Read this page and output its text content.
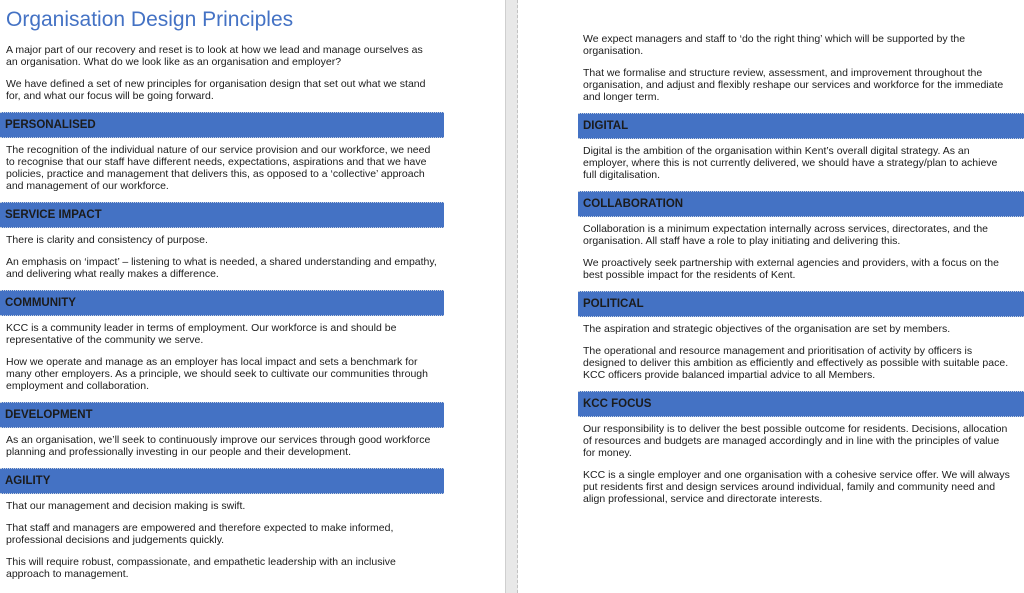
Organisation Design Principles

A major part of our recovery and reset is to look at how we lead and manage ourselves as an organisation. What do we look like as an organisation and employer?

We have defined a set of new principles for organisation design that set out what we stand for, and what our focus will be going forward.

PERSONALISED

The recognition of the individual nature of our service provision and our workforce, we need to recognise that our staff have different needs, expectations, aspirations and that we have policies, practice and management that delivers this, as opposed to a ‘collective’ approach and management of our workforce.

SERVICE IMPACT

There is clarity and consistency of purpose.

An emphasis on ‘impact’ – listening to what is needed, a shared understanding and empathy, and delivering what really makes a difference.

COMMUNITY

KCC is a community leader in terms of employment. Our workforce is and should be representative of the community we serve.

How we operate and manage as an employer has local impact and sets a benchmark for many other employers. As a principle, we should seek to cultivate our communities through employment and collaboration.

DEVELOPMENT

As an organisation, we’ll seek to continuously improve our services through good workforce planning and professionally investing in our people and their development.

AGILITY

That our management and decision making is swift.

That staff and managers are empowered and therefore expected to make informed, professional decisions and judgements quickly.

This will require robust, compassionate, and empathetic leadership with an inclusive approach to management.

We expect managers and staff to ‘do the right thing’ which will be supported by the organisation.

That we formalise and structure review, assessment, and improvement throughout the organisation, and adjust and flexibly reshape our services and workforce for the immediate and longer term.

DIGITAL

Digital is the ambition of the organisation within Kent’s overall digital strategy. As an employer, where this is not currently delivered, we should have a strategy/plan to achieve full digitalisation.

COLLABORATION

Collaboration is a minimum expectation internally across services, directorates, and the organisation. All staff have a role to play initiating and delivering this.

We proactively seek partnership with external agencies and providers, with a focus on the best possible impact for the residents of Kent.

POLITICAL

The aspiration and strategic objectives of the organisation are set by members.

The operational and resource management and prioritisation of activity by officers is designed to deliver this ambition as efficiently and effectively as possible with suitable pace. KCC officers provide balanced impartial advice to all Members.

KCC FOCUS

Our responsibility is to deliver the best possible outcome for residents. Decisions, allocation of resources and budgets are managed accordingly and in line with the principles of value for money.

KCC is a single employer and one organisation with a cohesive service offer. We will always put residents first and design services around individual, family and community need and align professional, service and directorate interests.
